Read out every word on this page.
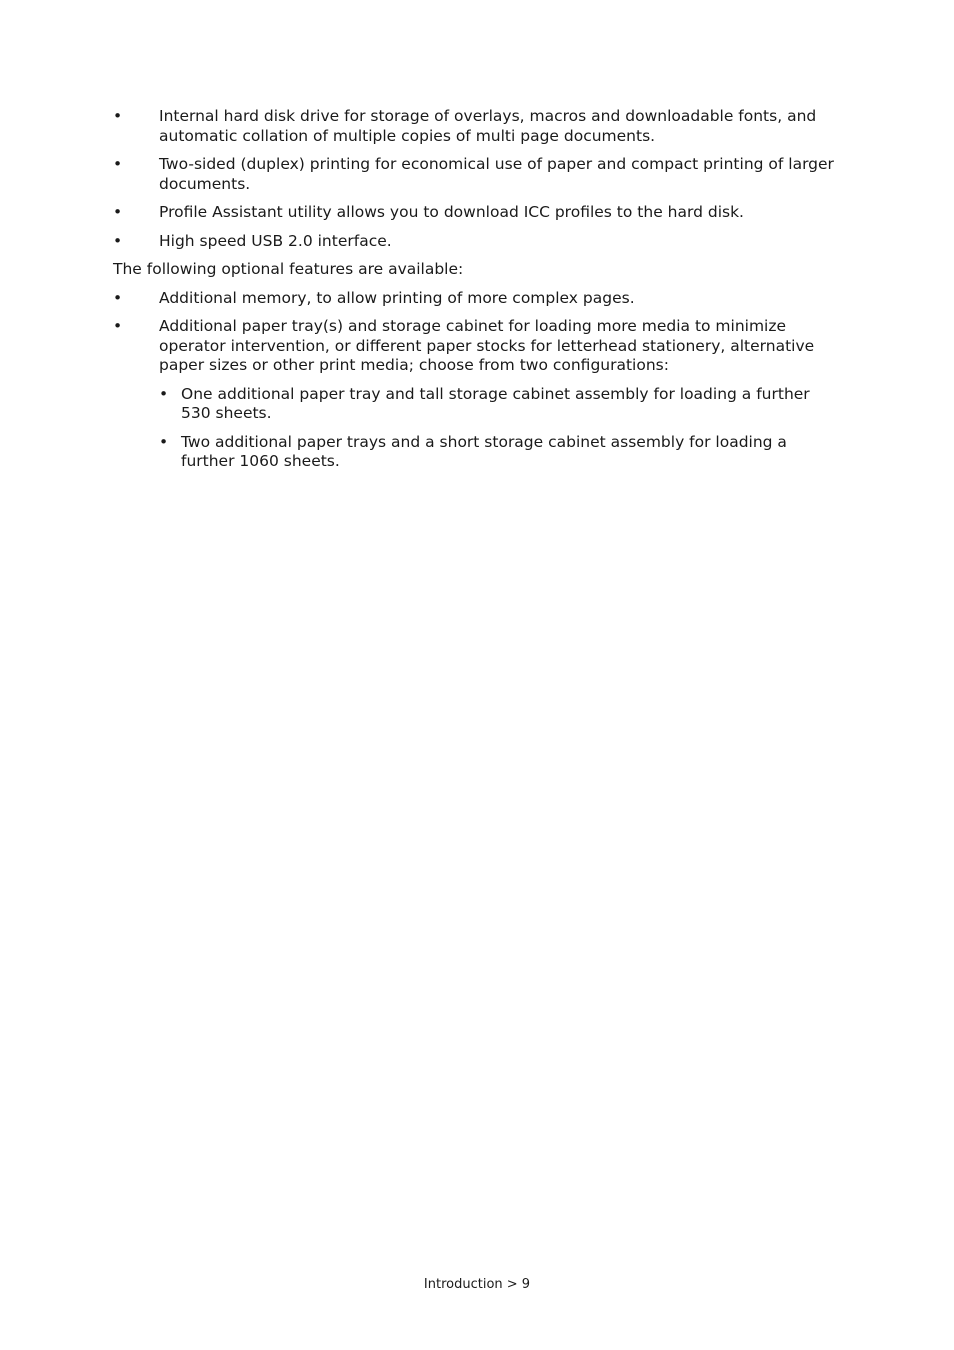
• Internal hard disk drive for storage of overlays, macros and downloadable fonts, and automatic collation of multiple copies of multi page documents.
• Two-sided (duplex) printing for economical use of paper and compact printing of larger documents.
• Profile Assistant utility allows you to download ICC profiles to the hard disk.
• High speed USB 2.0 interface.

The following optional features are available:

• Additional memory, to allow printing of more complex pages.
• Additional paper tray(s) and storage cabinet for loading more media to minimize operator intervention, or different paper stocks for letterhead stationery, alternative paper sizes or other print media; choose from two configurations:
• One additional paper tray and tall storage cabinet assembly for loading a further 530 sheets.
• Two additional paper trays and a short storage cabinet assembly for loading a further 1060 sheets.
Introduction > 9
